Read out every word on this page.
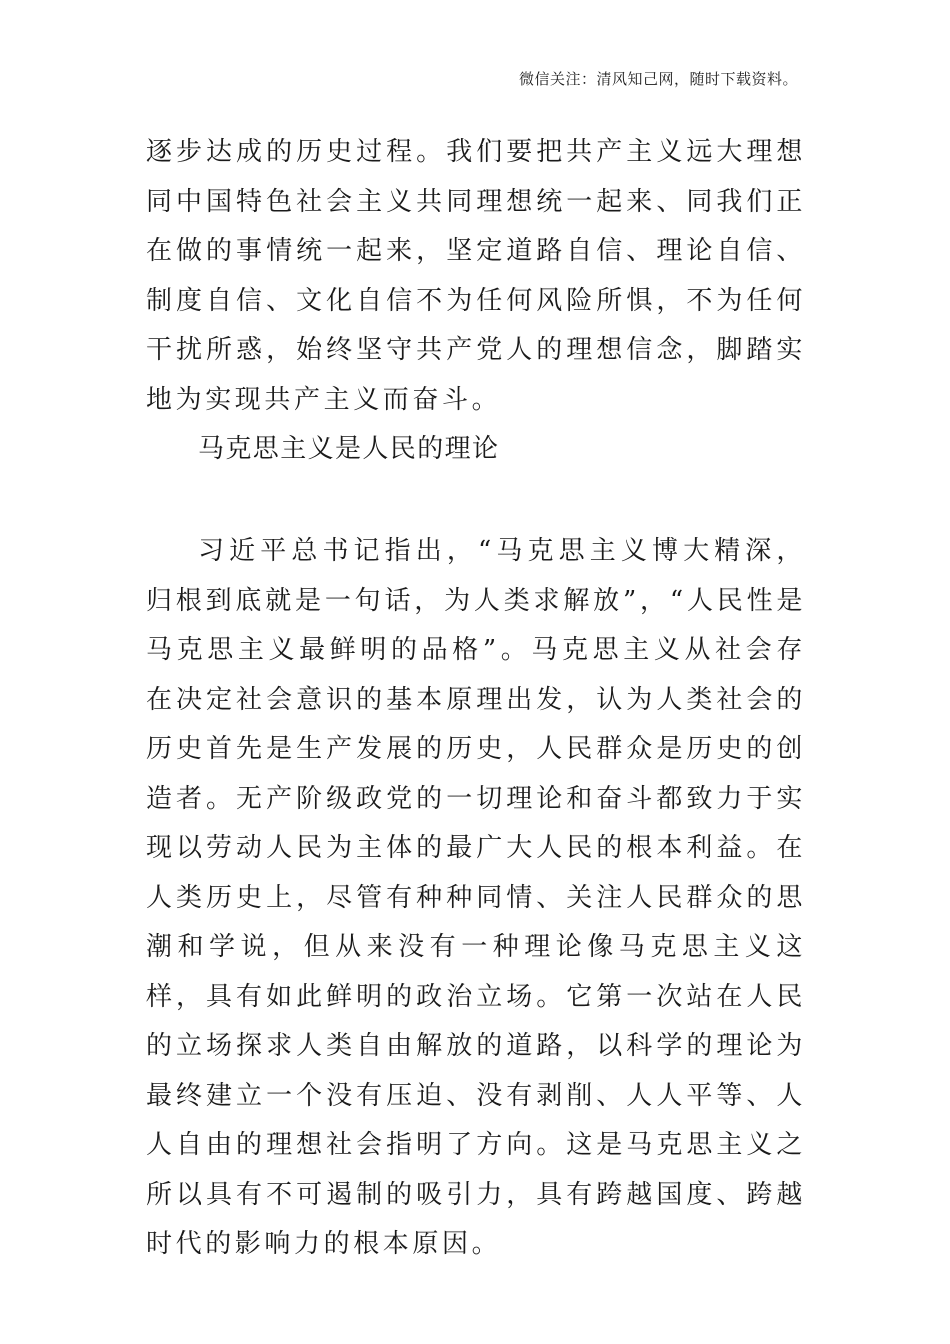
微信关注：清风知己网，随时下载资料。

逐步达成的历史过程。我们要把共产主义远大理想同中国特色社会主义共同理想统一起来、同我们正在做的事情统一起来，坚定道路自信、理论自信、制度自信、文化自信不为任何风险所惧，不为任何干扰所惑，始终坚守共产党人的理想信念，脚踏实地为实现共产主义而奋斗。

马克思主义是人民的理论

习近平总书记指出，“马克思主义博大精深，归根到底就是一句话，为人类求解放”，“人民性是马克思主义最鲜明的品格”。马克思主义从社会存在决定社会意识的基本原理出发，认为人类社会的历史首先是生产发展的历史，人民群众是历史的创造者。无产阶级政党的一切理论和奋斗都致力于实现以劳动人民为主体的最广大人民的根本利益。在人类历史上，尽管有种种同情、关注人民群众的思潮和学说，但从来没有一种理论像马克思主义这样，具有如此鲜明的政治立场。它第一次站在人民的立场探求人类自由解放的道路，以科学的理论为最终建立一个没有压迫、没有剥削、人人平等、人人自由的理想社会指明了方向。这是马克思主义之所以具有不可遏制的吸引力，具有跨越国度、跨越时代的影响力的根本原因。
